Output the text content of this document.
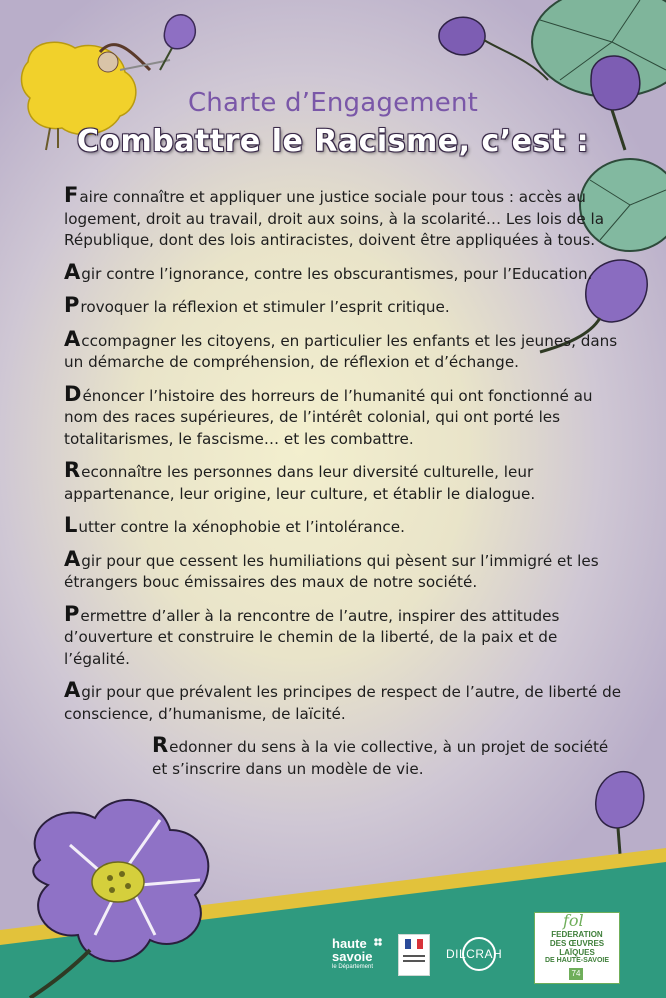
Charte d’Engagement
Combattre le Racisme, c’est :
Faire connaître et appliquer une justice sociale pour tous : accès au logement, droit au travail, droit aux soins, à la scolarité… Les lois de la République, dont des lois antiracistes, doivent être appliquées à tous.
Agir contre l’ignorance, contre les obscurantismes, pour l’Education.
Provoquer la réflexion et stimuler l’esprit critique.
Accompagner les citoyens, en particulier les enfants et les jeunes, dans un démarche de compréhension, de réflexion et d’échange.
Dénoncer l’histoire des horreurs de l’humanité qui ont fonctionné au nom des races supérieures, de l’intérêt colonial, qui ont porté les totalitarismes, le fascisme… et les combattre.
Reconnaître les personnes dans leur diversité culturelle, leur appartenance, leur origine, leur culture, et établir le dialogue.
Lutter contre la xénophobie et l’intolérance.
Agir pour que cessent les humiliations qui pèsent sur l’immigré et les étrangers bouc émissaires des maux de notre société.
Permettre d’aller à la rencontre de l’autre, inspirer des attitudes d’ouverture et construire le chemin de la liberté, de la paix et de l’égalité.
Agir pour que prévalent les principes de respect de l’autre, de liberté de conscience, d’humanisme, de laïcité.
Redonner du sens à la vie collective, à un projet de société et s’inscrire dans un modèle de vie.
haute
savoie
le Département
DILCRAH
fol
FEDERATION
DES ŒUVRES
LAÏQUES
DE HAUTE-SAVOIE
74
